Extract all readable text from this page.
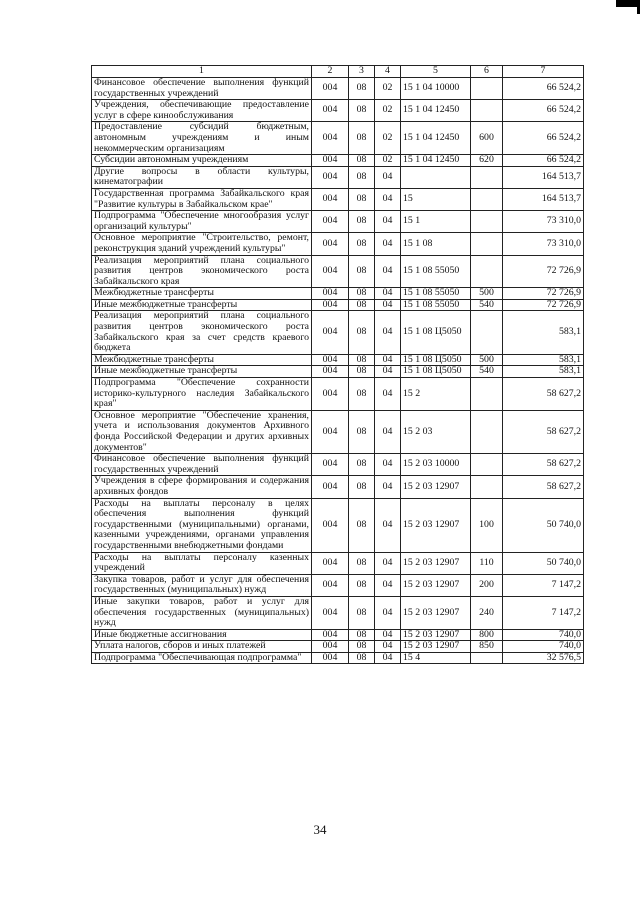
1	2	3	4	5	6	7
Финансовое обеспечение выполнения функций государственных учреждений	004	08	02	15 1 04 10000		66 524,2
Учреждения, обеспечивающие предоставление услуг в сфере кинообслуживания	004	08	02	15 1 04 12450		66 524,2
Предоставление субсидий бюджетным, автономным учреждениям и иным некоммерческим организациям	004	08	02	15 1 04 12450	600	66 524,2
Субсидии автономным учреждениям	004	08	02	15 1 04 12450	620	66 524,2
Другие вопросы в области культуры, кинематографии	004	08	04			164 513,7
Государственная программа Забайкальского края "Развитие культуры в Забайкальском крае"	004	08	04	15		164 513,7
Подпрограмма "Обеспечение многообразия услуг организаций культуры"	004	08	04	15 1		73 310,0
Основное мероприятие "Строительство, ремонт, реконструкция зданий учреждений культуры"	004	08	04	15 1 08		73 310,0
Реализация мероприятий плана социального развития центров экономического роста Забайкальского края	004	08	04	15 1 08 55050		72 726,9
Межбюджетные трансферты	004	08	04	15 1 08 55050	500	72 726,9
Иные межбюджетные трансферты	004	08	04	15 1 08 55050	540	72 726,9
Реализация мероприятий плана социального развития центров экономического роста Забайкальского края за счет средств краевого бюджета	004	08	04	15 1 08 Ц5050		583,1
Межбюджетные трансферты	004	08	04	15 1 08 Ц5050	500	583,1
Иные межбюджетные трансферты	004	08	04	15 1 08 Ц5050	540	583,1
Подпрограмма "Обеспечение сохранности историко-культурного наследия Забайкальского края"	004	08	04	15 2		58 627,2
Основное мероприятие "Обеспечение хранения, учета и использования документов Архивного фонда Российской Федерации и других архивных документов"	004	08	04	15 2 03		58 627,2
Финансовое обеспечение выполнения функций государственных учреждений	004	08	04	15 2 03 10000		58 627,2
Учреждения в сфере формирования и содержания архивных фондов	004	08	04	15 2 03 12907		58 627,2
Расходы на выплаты персоналу в целях обеспечения выполнения функций государственными (муниципальными) органами, казенными учреждениями, органами управления государственными внебюджетными фондами	004	08	04	15 2 03 12907	100	50 740,0
Расходы на выплаты персоналу казенных учреждений	004	08	04	15 2 03 12907	110	50 740,0
Закупка товаров, работ и услуг для обеспечения государственных (муниципальных) нужд	004	08	04	15 2 03 12907	200	7 147,2
Иные закупки товаров, работ и услуг для обеспечения государственных (муниципальных) нужд	004	08	04	15 2 03 12907	240	7 147,2
Иные бюджетные ассигнования	004	08	04	15 2 03 12907	800	740,0
Уплата налогов, сборов и иных платежей	004	08	04	15 2 03 12907	850	740,0
Подпрограмма "Обеспечивающая подпрограмма"	004	08	04	15 4		32 576,5
34
